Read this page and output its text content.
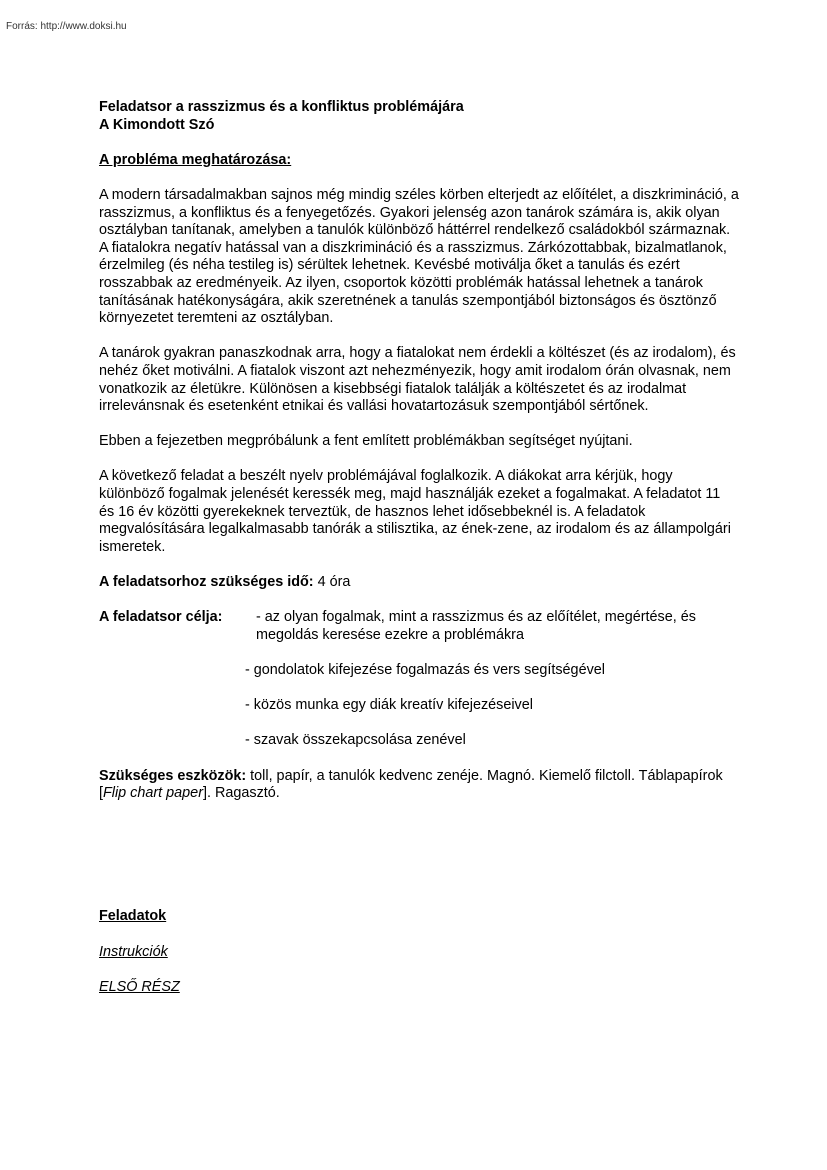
Forrás: http://www.doksi.hu

Feladatsor a rasszizmus és a konfliktus problémájára

A Kimondott Szó

A probléma meghatározása:

A modern társadalmakban sajnos még mindig széles körben elterjedt az előítélet, a diszkrimináció, a rasszizmus, a konfliktus és a fenyegetőzés. Gyakori jelenség azon tanárok számára is, akik olyan osztályban tanítanak, amelyben a tanulók különböző háttérrel rendelkező családokból származnak. A fiatalokra negatív hatással van a diszkrimináció és a rasszizmus. Zárkózottabbak, bizalmatlanok, érzelmileg (és néha testileg is) sérültek lehetnek. Kevésbé motiválja őket a tanulás és ezért rosszabbak az eredményeik. Az ilyen, csoportok közötti problémák hatással lehetnek a tanárok tanításának hatékonyságára, akik szeretnének a tanulás szempontjából biztonságos és ösztönző környezetet teremteni az osztályban.

A tanárok gyakran panaszkodnak arra, hogy a fiatalokat nem érdekli a költészet (és az irodalom), és nehéz őket motiválni. A fiatalok viszont azt nehezményezik, hogy amit irodalom órán olvasnak, nem vonatkozik az életükre. Különösen a kisebbségi fiatalok találják a költészetet és az irodalmat irrelevánsnak és esetenként etnikai és vallási hovatartozásuk szempontjából sértőnek.

Ebben a fejezetben megpróbálunk a fent említett problémákban segítséget nyújtani.

A következő feladat a beszélt nyelv problémájával foglalkozik. A diákokat arra kérjük, hogy különböző fogalmak jelenését keressék meg, majd használják ezeket a fogalmakat. A feladatot 11 és 16 év közötti gyerekeknek terveztük, de hasznos lehet idősebbeknél is. A feladatok megvalósítására legalkalmasabb tanórák a stilisztika, az ének-zene, az irodalom és az állampolgári ismeretek.

A feladatsorhoz szükséges idő: 4 óra

A feladatsor célja: - az olyan fogalmak, mint a rasszizmus és az előítélet, megértése, és megoldás keresése ezekre a problémákra

- gondolatok kifejezése fogalmazás és vers segítségével

- közös munka egy diák kreatív kifejezéseivel

- szavak összekapcsolása zenével

Szükséges eszközök: toll, papír, a tanulók kedvenc zenéje. Magnó. Kiemelő filctoll. Táblapapírok [Flip chart paper]. Ragasztó.

Feladatok

Instrukciók

ELSŐ RÉSZ
